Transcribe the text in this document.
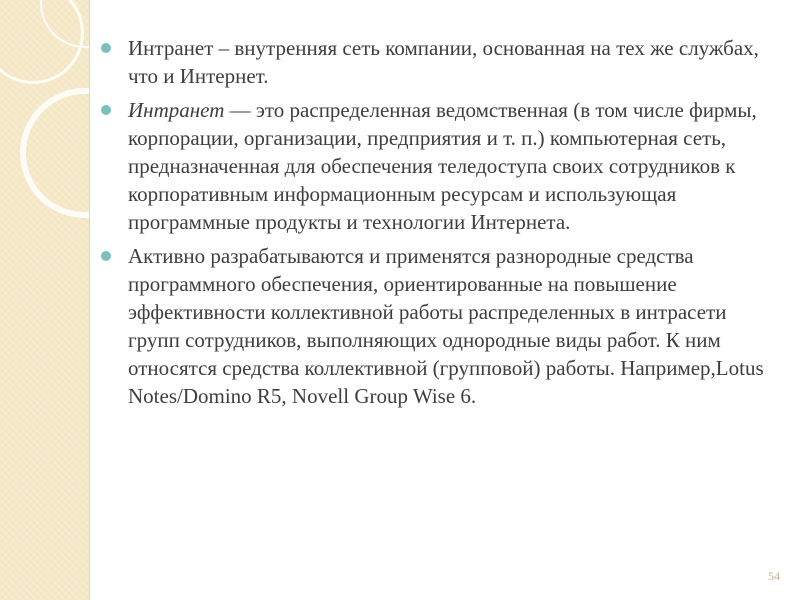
Интранет – внутренняя сеть компании, основанная на тех же службах, что и Интернет.
Интранет — это распределенная ведомственная (в том числе фирмы, корпорации, организации, предприятия и т. п.) компьютерная сеть, предназначенная для обеспечения теледоступа своих сотрудников к корпоративным информационным ресурсам и использующая программные продукты и технологии Интернета.
Активно разрабатываются и применятся разнородные средства программного обеспечения, ориентированные на повышение эффективности коллективной работы распределенных в интрасети групп сотрудников, выполняющих однородные виды работ. К ним относятся средства коллективной (групповой) работы. Например,Lotus Notes/Domino R5, Novell Group Wise 6.
54
